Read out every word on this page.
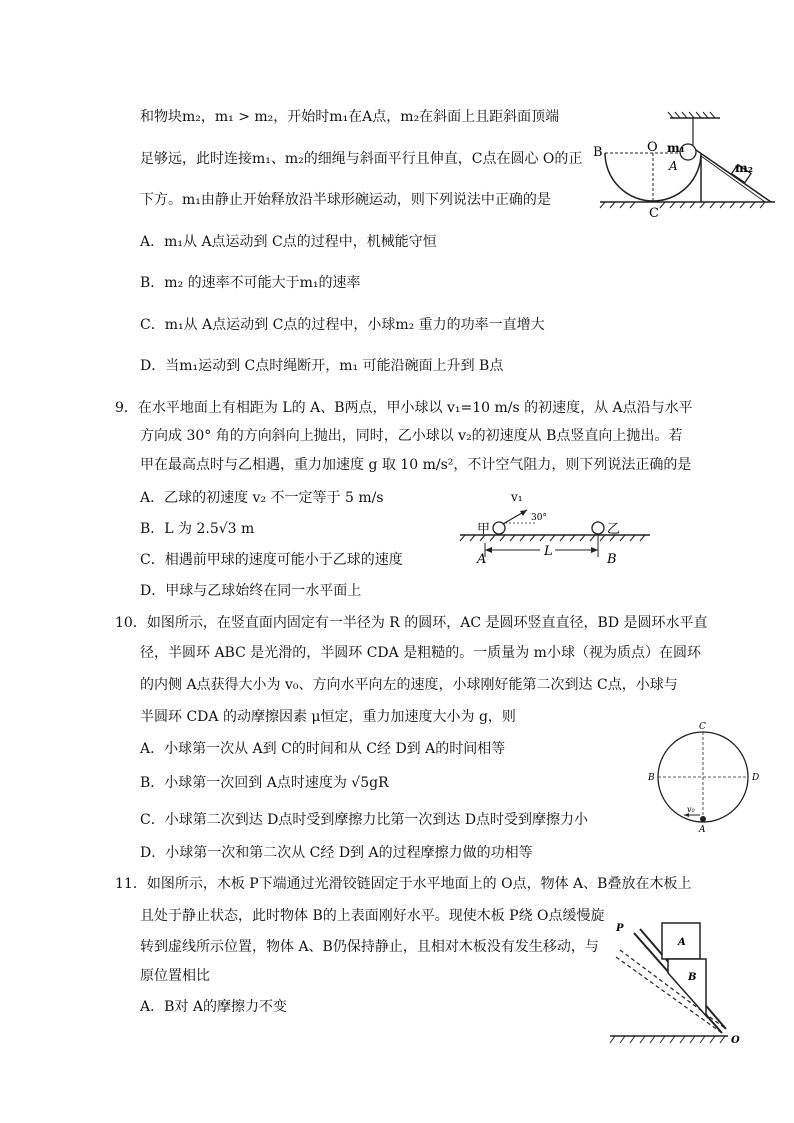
和物块m₂，m₁ > m₂，开始时m₁在A点，m₂在斜面上且距斜面顶端
足够远，此时连接m₁、m₂的细绳与斜面平行且伸直，C点在圆心 O的正
下方。m₁由静止开始释放沿半球形碗运动，则下列说法中正确的是
A．m₁从 A点运动到 C点的过程中，机械能守恒
B．m₂ 的速率不可能大于m₁的速率
C．m₁从 A点运动到 C点的过程中，小球m₂ 重力的功率一直增大
D．当m₁运动到 C点时绳断开，m₁ 可能沿碗面上升到 B点
B	O m₁
A	m₂
C
9．在水平地面上有相距为 L的 A、B两点，甲小球以 v₁=10 m/s 的初速度，从 A点沿与水平
方向成 30° 角的方向斜向上抛出，同时，乙小球以 v₂的初速度从 B点竖直向上抛出。若
甲在最高点时与乙相遇，重力加速度 g 取 10 m/s²，不计空气阻力，则下列说法正确的是
A．乙球的初速度 v₂ 不一定等于 5 m/s
B．L 为 2.5√3 m
C．相遇前甲球的速度可能小于乙球的速度
D．甲球与乙球始终在同一水平面上
v₁
30°
甲	乙
A
L
B
10．如图所示，在竖直面内固定有一半径为 R 的圆环，AC 是圆环竖直直径，BD 是圆环水平直
径，半圆环 ABC 是光滑的，半圆环 CDA 是粗糙的。一质量为 m小球（视为质点）在圆环
的内侧 A点获得大小为 v₀、方向水平向左的速度，小球刚好能第二次到达 C点，小球与
半圆环 CDA 的动摩擦因素 μ恒定，重力加速度大小为 g，则
A．小球第一次从 A到 C的时间和从 C经 D到 A的时间相等
B．小球第一次回到 A点时速度为 √5gR
C．小球第二次到达 D点时受到摩擦力比第一次到达 D点时受到摩擦力小
D．小球第一次和第二次从 C经 D到 A的过程摩擦力做的功相等
C
B	D
A
v₀
11．如图所示，木板 P下端通过光滑铰链固定于水平地面上的 O点，物体 A、B叠放在木板上
且处于静止状态，此时物体 B的上表面刚好水平。现使木板 P绕 O点缓慢旋
转到虚线所示位置，物体 A、B仍保持静止，且相对木板没有发生移动，与
原位置相比
A．B对 A的摩擦力不变
P
A
B
O
